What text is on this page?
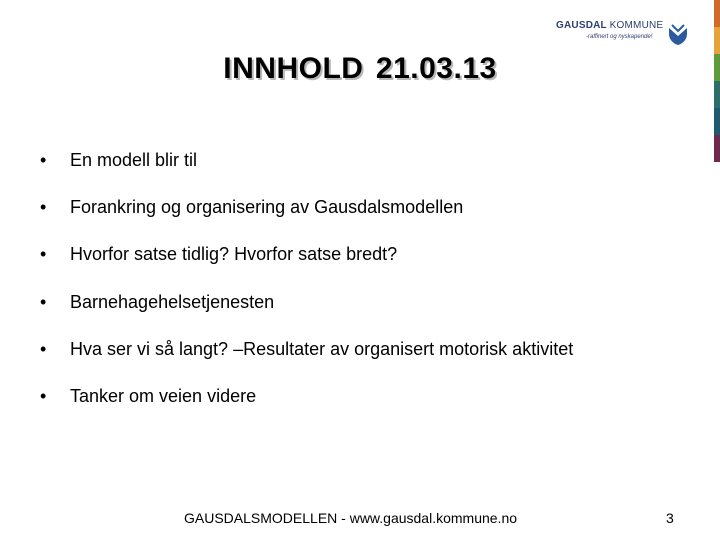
GAUSDAL KOMMUNE
-raffinert og nyskapende!
INNHOLD 21.03.13
•	En modell blir til
•	Forankring og organisering av Gausdalsmodellen
•	Hvorfor satse tidlig? Hvorfor satse bredt?
•	Barnehagehelsetjenesten
•	Hva ser vi så langt? –Resultater av organisert motorisk aktivitet
•	Tanker om veien videre
GAUSDALSMODELLEN - www.gausdal.kommune.no	3
